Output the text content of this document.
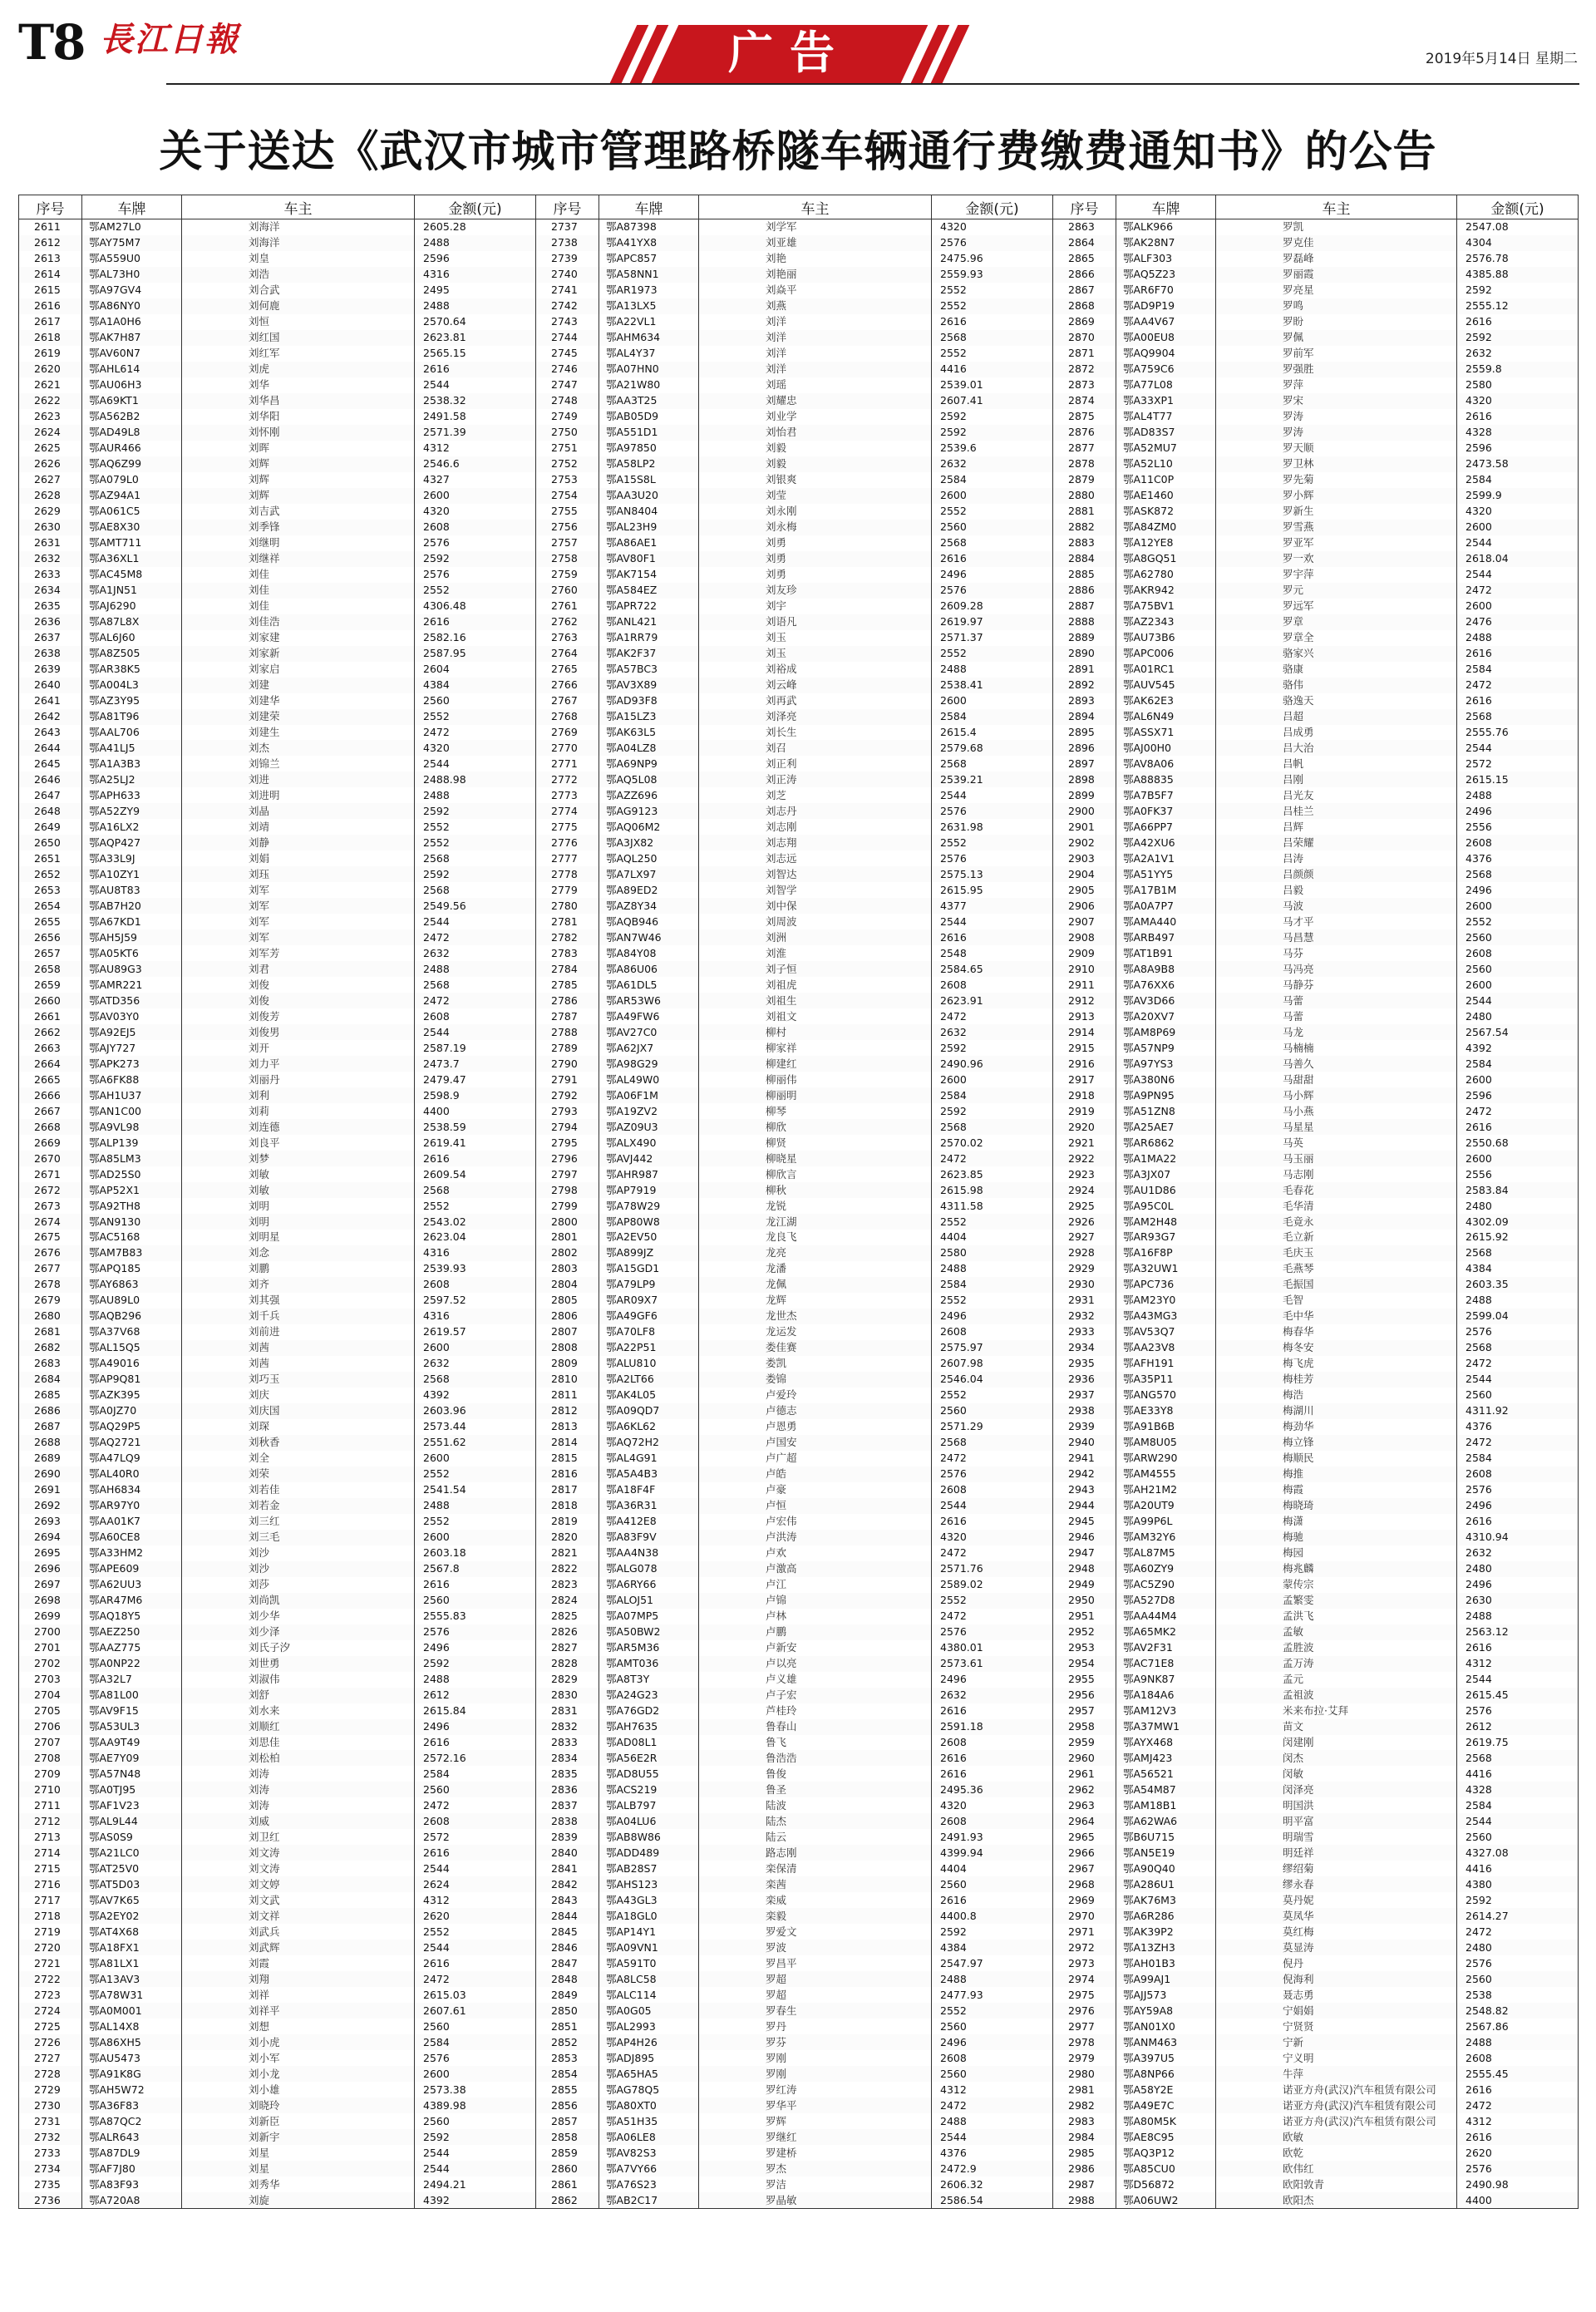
T8 長江日報	广告	2019年5月14日 星期二
关于送达《武汉市城市管理路桥隧车辆通行费缴费通知书》的公告
序号	车牌	车主	金额(元)	序号	车牌	车主	金额(元)	序号	车牌	车主	金额(元)
2611	鄂AM27L0	刘海洋	2605.28	2737	鄂A87398	刘学军	4320	2863	鄂ALK966	罗凯	2547.08
2612	鄂AY75M7	刘海洋	2488	2738	鄂A41YX8	刘亚雄	2576	2864	鄂AK28N7	罗克佳	4304
2613	鄂A559U0	刘皇	2596	2739	鄂APC857	刘艳	2475.96	2865	鄂ALF303	罗磊峰	2576.78
2614	鄂AL73H0	刘浩	4316	2740	鄂A58NN1	刘艳丽	2559.93	2866	鄂AQ5Z23	罗丽霞	4385.88
2615	鄂A97GV4	刘合武	2495	2741	鄂AR1973	刘焱平	2552	2867	鄂AR6F70	罗亮星	2592
2616	鄂A86NY0	刘何鹿	2488	2742	鄂A13LX5	刘燕	2552	2868	鄂AD9P19	罗鸣	2555.12
2617	鄂A1A0H6	刘恒	2570.64	2743	鄂A22VL1	刘洋	2616	2869	鄂AA4V67	罗盼	2616
2618	鄂AK7H87	刘红国	2623.81	2744	鄂AHM634	刘洋	2568	2870	鄂A00EU8	罗佩	2592
2619	鄂AV60N7	刘红军	2565.15	2745	鄂AL4Y37	刘洋	2552	2871	鄂AQ9904	罗前军	2632
2620	鄂AHL614	刘虎	2616	2746	鄂A07HN0	刘洋	4416	2872	鄂A759C6	罗强胜	2559.8
2621	鄂AU06H3	刘华	2544	2747	鄂A21W80	刘瑶	2539.01	2873	鄂A77L08	罗萍	2580
2622	鄂A69KT1	刘华昌	2538.32	2748	鄂AA3T25	刘耀忠	2607.41	2874	鄂A33XP1	罗宋	4320
2623	鄂A562B2	刘华阳	2491.58	2749	鄂AB05D9	刘业学	2592	2875	鄂AL4T77	罗涛	2616
2624	鄂AD49L8	刘怀刚	2571.39	2750	鄂A551D1	刘怡君	2592	2876	鄂AD83S7	罗涛	4328
2625	鄂AUR466	刘晖	4312	2751	鄂A97850	刘毅	2539.6	2877	鄂A52MU7	罗天顺	2596
2626	鄂AQ6Z99	刘辉	2546.6	2752	鄂A58LP2	刘毅	2632	2878	鄂A52L10	罗卫林	2473.58
2627	鄂A079L0	刘辉	4327	2753	鄂A15S8L	刘银爽	2584	2879	鄂A11C0P	罗先菊	2584
2628	鄂AZ94A1	刘辉	2600	2754	鄂AA3U20	刘莹	2600	2880	鄂AE1460	罗小辉	2599.9
2629	鄂A061C5	刘吉武	4320	2755	鄂AN8404	刘永刚	2552	2881	鄂ASK872	罗新生	4320
2630	鄂AE8X30	刘季锋	2608	2756	鄂AL23H9	刘永梅	2560	2882	鄂A84ZM0	罗雪燕	2600
2631	鄂AMT711	刘继明	2576	2757	鄂A86AE1	刘勇	2568	2883	鄂A12YE8	罗亚军	2544
2632	鄂A36XL1	刘继祥	2592	2758	鄂AV80F1	刘勇	2616	2884	鄂A8GQ51	罗一欢	2618.04
2633	鄂AC45M8	刘佳	2576	2759	鄂AK7154	刘勇	2496	2885	鄂A62780	罗宇萍	2544
2634	鄂A1JN51	刘佳	2552	2760	鄂A584EZ	刘友珍	2576	2886	鄂AKR942	罗元	2472
2635	鄂AJ6290	刘佳	4306.48	2761	鄂APR722	刘宇	2609.28	2887	鄂A75BV1	罗远军	2600
2636	鄂A87L8X	刘佳浩	2616	2762	鄂ANL421	刘语凡	2619.97	2888	鄂AZ2343	罗章	2476
2637	鄂AL6J60	刘家建	2582.16	2763	鄂A1RR79	刘玉	2571.37	2889	鄂AU73B6	罗章全	2488
2638	鄂A8Z505	刘家新	2587.95	2764	鄂AK2F37	刘玉	2552	2890	鄂APC006	骆家兴	2616
2639	鄂AR38K5	刘家启	2604	2765	鄂A57BC3	刘裕成	2488	2891	鄂A01RC1	骆康	2584
2640	鄂A004L3	刘建	4384	2766	鄂AV3X89	刘云峰	2538.41	2892	鄂AUV545	骆伟	2472
2641	鄂AZ3Y95	刘建华	2560	2767	鄂AD93F8	刘再武	2600	2893	鄂AK62E3	骆逸天	2616
2642	鄂A81T96	刘建荣	2552	2768	鄂A15LZ3	刘泽亮	2584	2894	鄂AL6N49	吕超	2568
2643	鄂AAL706	刘建生	2472	2769	鄂AK63L5	刘长生	2615.4	2895	鄂ASSX71	吕成勇	2555.76
2644	鄂A41LJ5	刘杰	4320	2770	鄂A04LZ8	刘召	2579.68	2896	鄂AJ00H0	吕大治	2544
2645	鄂A1A3B3	刘锦兰	2544	2771	鄂A69NP9	刘正利	2568	2897	鄂AV8A06	吕帆	2572
2646	鄂A25LJ2	刘进	2488.98	2772	鄂AQ5L08	刘正涛	2539.21	2898	鄂A88835	吕刚	2615.15
2647	鄂APH633	刘进明	2488	2773	鄂AZZ696	刘芝	2544	2899	鄂A7B5F7	吕光友	2488
2648	鄂A52ZY9	刘晶	2592	2774	鄂AG9123	刘志丹	2576	2900	鄂A0FK37	吕桂兰	2496
2649	鄂A16LX2	刘靖	2552	2775	鄂AQ06M2	刘志刚	2631.98	2901	鄂A66PP7	吕辉	2556
2650	鄂AQP427	刘静	2552	2776	鄂A3JX82	刘志翔	2552	2902	鄂A42XU6	吕荣耀	2608
2651	鄂A33L9J	刘娟	2568	2777	鄂AQL250	刘志远	2576	2903	鄂A2A1V1	吕涛	4376
2652	鄂A10ZY1	刘珏	2592	2778	鄂A7LX97	刘智达	2575.13	2904	鄂A51YY5	吕颜颜	2568
2653	鄂AU8T83	刘军	2568	2779	鄂A89ED2	刘智学	2615.95	2905	鄂A17B1M	吕毅	2496
2654	鄂AB7H20	刘军	2549.56	2780	鄂AZ8Y34	刘中保	4377	2906	鄂A0A7P7	马波	2600
2655	鄂A67KD1	刘军	2544	2781	鄂AQB946	刘周波	2544	2907	鄂AMA440	马才平	2552
2656	鄂AH5J59	刘军	2472	2782	鄂AN7W46	刘洲	2616	2908	鄂ARB497	马昌慧	2560
2657	鄂A05KT6	刘军芳	2632	2783	鄂A84Y08	刘淮	2548	2909	鄂AT1B91	马芬	2608
2658	鄂AU89G3	刘君	2488	2784	鄂A86U06	刘子恒	2584.65	2910	鄂A8A9B8	马冯亮	2560
2659	鄂AMR221	刘俊	2568	2785	鄂A61DL5	刘祖虎	2608	2911	鄂A76XX6	马静芬	2600
2660	鄂ATD356	刘俊	2472	2786	鄂AR53W6	刘祖生	2623.91	2912	鄂AV3D66	马蕾	2544
2661	鄂AV03Y0	刘俊芳	2608	2787	鄂A49FW6	刘祖文	2472	2913	鄂A20XV7	马蕾	2480
2662	鄂A92EJ5	刘俊男	2544	2788	鄂AV27C0	柳村	2632	2914	鄂AM8P69	马龙	2567.54
2663	鄂AJY727	刘开	2587.19	2789	鄂A62JX7	柳家祥	2592	2915	鄂A57NP9	马楠楠	4392
2664	鄂APK273	刘力平	2473.7	2790	鄂A98G29	柳建红	2490.96	2916	鄂A97YS3	马善久	2584
2665	鄂A6FK88	刘丽丹	2479.47	2791	鄂AL49W0	柳丽伟	2600	2917	鄂A380N6	马甜甜	2600
2666	鄂AH1U37	刘利	2598.9	2792	鄂A06F1M	柳丽明	2584	2918	鄂A9PN95	马小辉	2596
2667	鄂AN1C00	刘莉	4400	2793	鄂A19ZV2	柳琴	2592	2919	鄂A51ZN8	马小燕	2472
2668	鄂A9VL98	刘连德	2538.59	2794	鄂AZ09U3	柳欣	2568	2920	鄂A25AE7	马星星	2616
2669	鄂ALP139	刘良平	2619.41	2795	鄂ALX490	柳贤	2570.02	2921	鄂AR6862	马英	2550.68
2670	鄂A85LM3	刘梦	2616	2796	鄂AVJ442	柳晓星	2472	2922	鄂A1MA22	马玉丽	2600
2671	鄂AD25S0	刘敏	2609.54	2797	鄂AHR987	柳欣言	2623.85	2923	鄂A3JX07	马志刚	2556
2672	鄂AP52X1	刘敏	2568	2798	鄂AP7919	柳秋	2615.98	2924	鄂AU1D86	毛春花	2583.84
2673	鄂A92TH8	刘明	2552	2799	鄂A78W29	龙锐	4311.58	2925	鄂A95C0L	毛华清	2480
2674	鄂AN9130	刘明	2543.02	2800	鄂AP80W8	龙江湖	2552	2926	鄂AM2H48	毛竟永	4302.09
2675	鄂AC5168	刘明星	2623.04	2801	鄂A2EV50	龙良飞	4404	2927	鄂AR93G7	毛立新	2615.92
2676	鄂AM7B83	刘念	4316	2802	鄂A899JZ	龙亮	2580	2928	鄂A16F8P	毛庆玉	2568
2677	鄂APQ185	刘鹏	2539.93	2803	鄂A15GD1	龙潘	2488	2929	鄂A32UW1	毛燕琴	4384
2678	鄂AY6863	刘齐	2608	2804	鄂A79LP9	龙佩	2584	2930	鄂APC736	毛振国	2603.35
2679	鄂AU89L0	刘其强	2597.52	2805	鄂AR09X7	龙辉	2552	2931	鄂AM23Y0	毛智	2488
2680	鄂AQB296	刘千兵	4316	2806	鄂A49GF6	龙世杰	2496	2932	鄂A43MG3	毛中华	2599.04
2681	鄂A37V68	刘前进	2619.57	2807	鄂A70LF8	龙运发	2608	2933	鄂AV53Q7	梅春华	2576
2682	鄂AL15Q5	刘茜	2600	2808	鄂A22P51	娄佳赛	2575.97	2934	鄂AA23V8	梅冬安	2568
2683	鄂A49016	刘茜	2632	2809	鄂ALU810	娄凯	2607.98	2935	鄂AFH191	梅飞虎	2472
2684	鄂AP9Q81	刘巧玉	2568	2810	鄂A2LT66	娄锦	2546.04	2936	鄂A35P11	梅桂芳	2544
2685	鄂AZK395	刘庆	4392	2811	鄂AK4L05	卢爱玲	2552	2937	鄂ANG570	梅浩	2560
2686	鄂A0JZ70	刘庆国	2603.96	2812	鄂A09QD7	卢德志	2560	2938	鄂AE33Y8	梅湖川	4311.92
2687	鄂AQ29P5	刘琛	2573.44	2813	鄂A6KL62	卢恩勇	2571.29	2939	鄂A91B6B	梅劲华	4376
2688	鄂AQ2721	刘秋香	2551.62	2814	鄂AQ72H2	卢国安	2568	2940	鄂AM8U05	梅立锋	2472
2689	鄂A47LQ9	刘全	2600	2815	鄂AL4G91	卢广超	2472	2941	鄂ARW290	梅顺民	2584
2690	鄂AL40R0	刘荣	2552	2816	鄂A5A4B3	卢皓	2576	2942	鄂AM4555	梅推	2608
2691	鄂AH6834	刘若佳	2541.54	2817	鄂A18F4F	卢豪	2608	2943	鄂AH21M2	梅霞	2576
2692	鄂AR97Y0	刘若金	2488	2818	鄂A36R31	卢恒	2544	2944	鄂A20UT9	梅晓琦	2496
2693	鄂AA01K7	刘三红	2552	2819	鄂A412E8	卢宏伟	2616	2945	鄂A99P6L	梅潇	2616
2694	鄂A60CE8	刘三毛	2600	2820	鄂A83F9V	卢洪涛	4320	2946	鄂AM32Y6	梅驰	4310.94
2695	鄂A33HM2	刘沙	2603.18	2821	鄂AA4N38	卢欢	2472	2947	鄂AL87M5	梅园	2632
2696	鄂APE609	刘沙	2567.8	2822	鄂ALG078	卢激高	2571.76	2948	鄂A60ZY9	梅兆麟	2480
2697	鄂A62UU3	刘莎	2616	2823	鄂A6RY66	卢江	2589.02	2949	鄂AC5Z90	蒙传宗	2496
2698	鄂AR47M6	刘尚凯	2560	2824	鄂ALOJ51	卢锦	2552	2950	鄂A527D8	孟繁雯	2630
2699	鄂AQ18Y5	刘少华	2555.83	2825	鄂A07MP5	卢林	2472	2951	鄂AA44M4	孟洪飞	2488
2700	鄂AEZ250	刘少泽	2576	2826	鄂A50BW2	卢鹏	2576	2952	鄂A65MK2	孟敏	2563.12
2701	鄂AAZ775	刘氏子汐	2496	2827	鄂AR5M36	卢新安	4380.01	2953	鄂AV2F31	孟胜波	2616
2702	鄂A0NP22	刘世勇	2592	2828	鄂AMT036	卢以亮	2573.61	2954	鄂AC71E8	孟万涛	4312
2703	鄂A32L7	刘淑伟	2488	2829	鄂A8T3Y	卢义雄	2496	2955	鄂A9NK87	孟元	2544
2704	鄂A81L00	刘舒	2612	2830	鄂A24G23	卢子宏	2632	2956	鄂A184A6	孟祖波	2615.45
2705	鄂AV9F15	刘水来	2615.84	2831	鄂A76GD2	芦桂玲	2616	2957	鄂AM12V3	米来布拉·艾拜	2576
2706	鄂A53UL3	刘顺红	2496	2832	鄂AH7635	鲁春山	2591.18	2958	鄂A37MW1	苗文	2612
2707	鄂AA9T49	刘思佳	2616	2833	鄂AD08L1	鲁飞	2608	2959	鄂AYX468	闵建刚	2619.75
2708	鄂AE7Y09	刘松柏	2572.16	2834	鄂A56E2R	鲁浩浩	2616	2960	鄂AMJ423	闵杰	2568
2709	鄂A57N48	刘涛	2584	2835	鄂AD8U55	鲁俊	2616	2961	鄂A56521	闵敏	4416
2710	鄂A0TJ95	刘涛	2560	2836	鄂ACS219	鲁圣	2495.36	2962	鄂A54M87	闵泽亮	4328
2711	鄂AF1V23	刘涛	2472	2837	鄂ALB797	陆波	4320	2963	鄂AM18B1	明国洪	2584
2712	鄂AL9L44	刘威	2608	2838	鄂A04LU6	陆杰	2608	2964	鄂A62WA6	明平富	2544
2713	鄂AS0S9	刘卫红	2572	2839	鄂AB8W86	陆云	2491.93	2965	鄂B6U715	明瑞雪	2560
2714	鄂A21LC0	刘文涛	2616	2840	鄂ADD489	路志刚	4399.94	2966	鄂AN5E19	明廷祥	4327.08
2715	鄂AT25V0	刘文涛	2544	2841	鄂AB28S7	栾保清	4404	2967	鄂A90Q40	缪绍菊	4416
2716	鄂AT5D03	刘文婷	2624	2842	鄂AHS123	栾茜	2560	2968	鄂A286U1	缪永春	4380
2717	鄂AV7K65	刘文武	4312	2843	鄂A43GL3	栾威	2616	2969	鄂AK76M3	莫丹妮	2592
2718	鄂A2EY02	刘文祥	2620	2844	鄂A18GL0	栾毅	4400.8	2970	鄂A6R286	莫凤华	2614.27
2719	鄂AT4X68	刘武兵	2552	2845	鄂AP14Y1	罗爱文	2592	2971	鄂AK39P2	莫红梅	2472
2720	鄂A18FX1	刘武辉	2544	2846	鄂A09VN1	罗波	4384	2972	鄂A13ZH3	莫显涛	2480
2721	鄂A81LX1	刘霞	2616	2847	鄂A591T0	罗昌平	2547.97	2973	鄂AH01B3	倪丹	2576
2722	鄂A13AV3	刘翔	2472	2848	鄂A8LC58	罗超	2488	2974	鄂A99AJ1	倪海利	2560
2723	鄂A78W31	刘祥	2615.03	2849	鄂ALC114	罗超	2477.93	2975	鄂AJJ573	聂志勇	2538
2724	鄂A0M001	刘祥平	2607.61	2850	鄂A0G05	罗春生	2552	2976	鄂AY59A8	宁娟娟	2548.82
2725	鄂AL14X8	刘想	2560	2851	鄂AL2993	罗丹	2560	2977	鄂AN01X0	宁贤贤	2567.86
2726	鄂A86XH5	刘小虎	2584	2852	鄂AP4H26	罗芬	2496	2978	鄂ANM463	宁新	2488
2727	鄂AU5473	刘小军	2576	2853	鄂ADJ895	罗刚	2608	2979	鄂A397U5	宁义明	2608
2728	鄂A91K8G	刘小龙	2600	2854	鄂A65HA5	罗刚	2560	2980	鄂A8NP66	牛萍	2555.45
2729	鄂AH5W72	刘小雄	2573.38	2855	鄂AG78Q5	罗红涛	4312	2981	鄂A58Y2E	诺亚方舟(武汉)汽车租赁有限公司	2616
2730	鄂A36F83	刘晓玲	4389.98	2856	鄂A80XT0	罗华平	2472	2982	鄂A49E7C	诺亚方舟(武汉)汽车租赁有限公司	2472
2731	鄂A87QC2	刘新臣	2560	2857	鄂A51H35	罗辉	2488	2983	鄂A80M5K	诺亚方舟(武汉)汽车租赁有限公司	4312
2732	鄂ALR643	刘新宇	2592	2858	鄂A06LE8	罗继红	2544	2984	鄂AE8C95	欧敏	2616
2733	鄂A87DL9	刘星	2544	2859	鄂AV82S3	罗建桥	4376	2985	鄂AQ3P12	欧乾	2620
2734	鄂AF7J80	刘星	2544	2860	鄂A7VY66	罗杰	2472.9	2986	鄂A85CU0	欧伟红	2576
2735	鄂A83F93	刘秀华	2494.21	2861	鄂A76S23	罗洁	2606.32	2987	鄂D56872	欧阳敦青	2490.98
2736	鄂A720A8	刘旋	4392	2862	鄂AB2C17	罗晶敏	2586.54	2988	鄂A06UW2	欧阳杰	4400
